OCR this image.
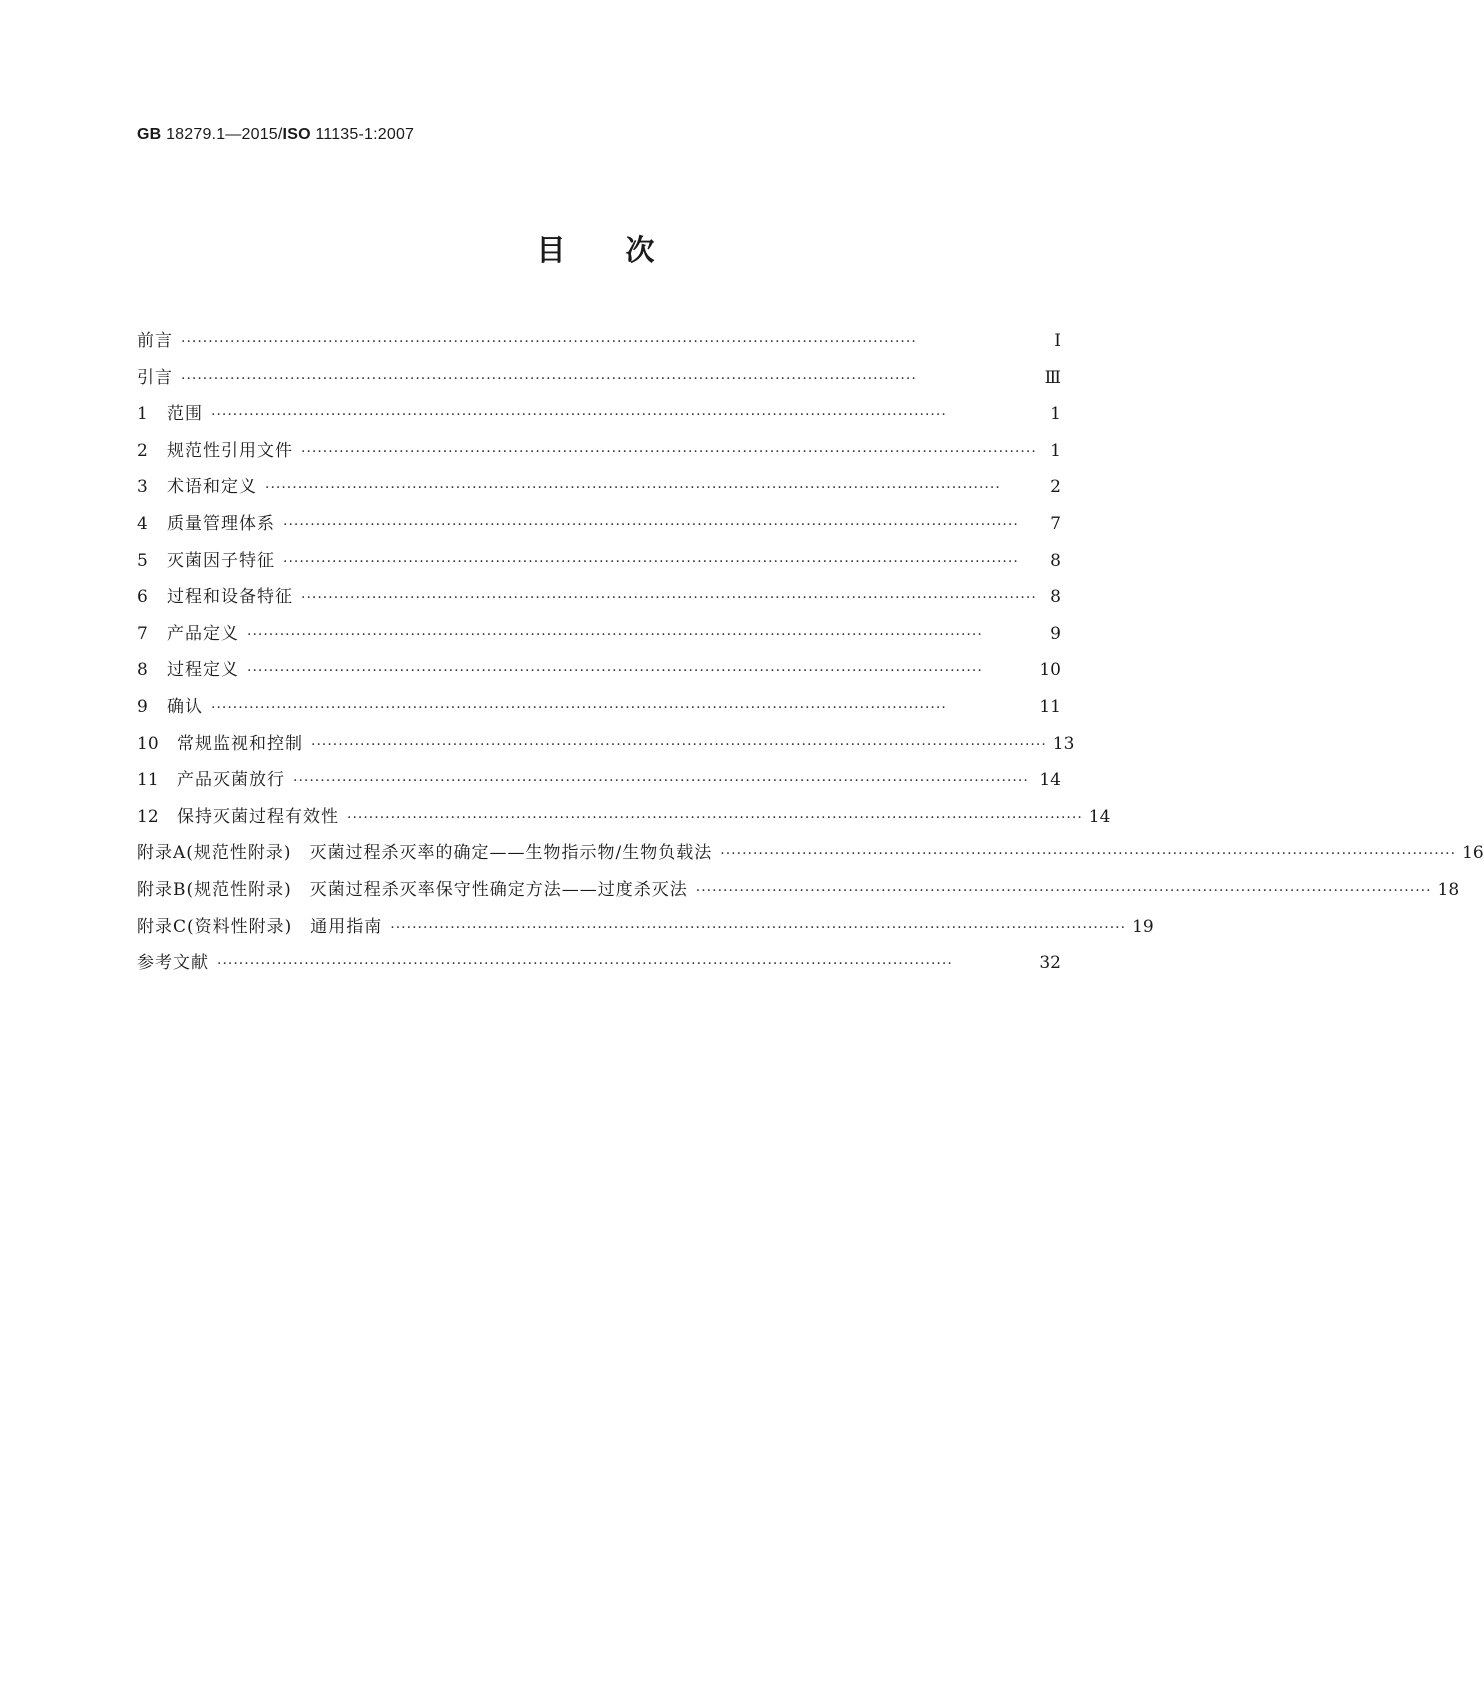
GB 18279.1—2015/ISO 11135-1:2007
目次
前言 ·······································································································································	Ⅰ
引言 ·······································································································································	Ⅲ
1	范围 ·······································································································································	1
2	规范性引用文件 ······································································································································· 1
3	术语和定义 ·······································································································································	2
4	质量管理体系 ·······································································································································	7
5	灭菌因子特征 ·······································································································································	8
6	过程和设备特征 ······································································································································· 8
7	产品定义 ·······································································································································	9
8	过程定义 ·······································································································································	10
9	确认 ·······································································································································	11
10	常规监视和控制 ······································································································································· 13
11	产品灭菌放行 ······································································································································· 14
12	保持灭菌过程有效性 ······································································································································· 14
附录A(规范性附录)　灭菌过程杀灭率的确定——生物指示物/生物负载法 ······································································································································· 16
附录B(规范性附录)　灭菌过程杀灭率保守性确定方法——过度杀灭法 ······································································································································· 18
附录C(资料性附录)　通用指南 ······································································································································· 19
参考文献 ·······································································································································	32
